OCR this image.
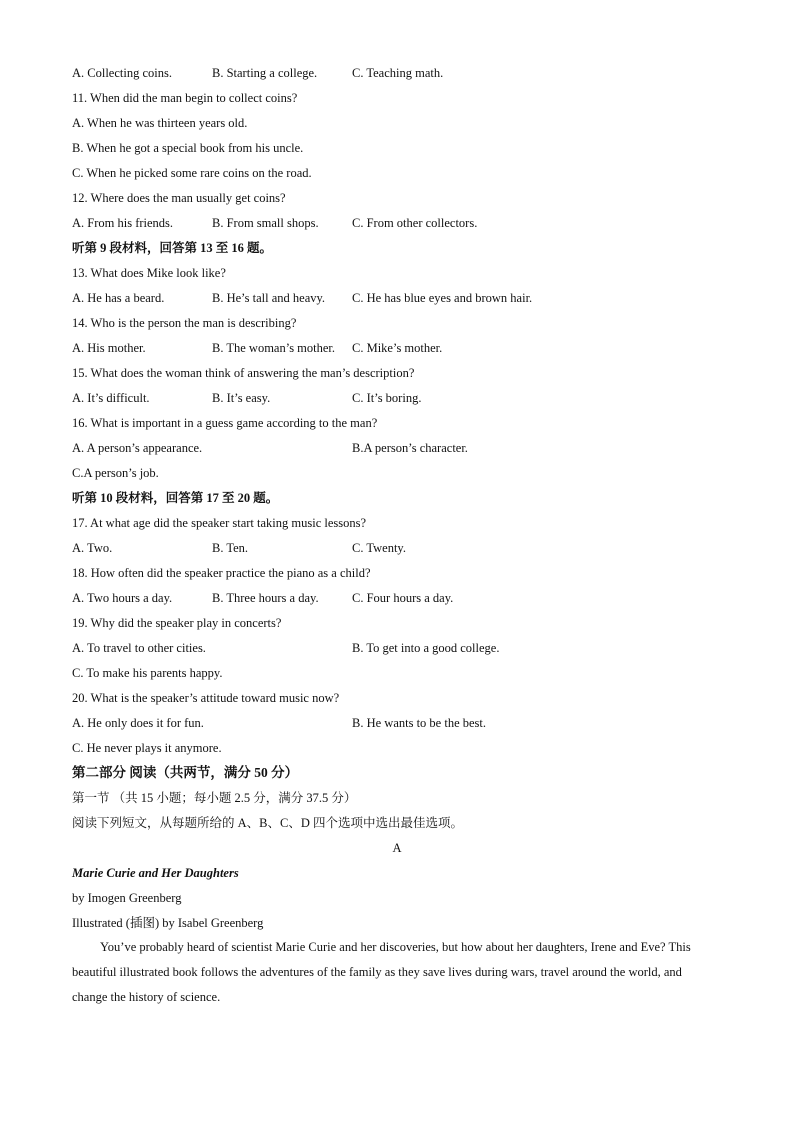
A. Collecting coins.	B. Starting a college.	C. Teaching math.
11. When did the man begin to collect coins?
A. When he was thirteen years old.
B. When he got a special book from his uncle.
C. When he picked some rare coins on the road.
12. Where does the man usually get coins?
A. From his friends.	B. From small shops.	C. From other collectors.
听第 9 段材料，回答第 13 至 16 题。
13. What does Mike look like?
A. He has a beard.	B. He’s tall and heavy. C. He has blue eyes and brown hair.
14. Who is the person the man is describing?
A. His mother.	B. The woman’s mother. C. Mike’s mother.
15. What does the woman think of answering the man’s description?
A. It’s difficult.	B. It’s easy.	C. It’s boring.
16. What is important in a guess game according to the man?
A. A person’s appearance.	B.A person’s character.
C.A person’s job.
听第 10 段材料，回答第 17 至 20 题。
17. At what age did the speaker start taking music lessons?
A. Two.	B. Ten.	C. Twenty.
18. How often did the speaker practice the piano as a child?
A. Two hours a day.	B. Three hours a day.	C. Four hours a day.
19. Why did the speaker play in concerts?
A. To travel to other cities.	B. To get into a good college.
C. To make his parents happy.
20. What is the speaker’s attitude toward music now?
A. He only does it for fun.	B. He wants to be the best.
C. He never plays it anymore.
第二部分 阅读（共两节，满分 50 分）
第一节 （共 15 小题；每小题 2.5 分，满分 37.5 分）
阅读下列短文，从每题所给的 A、B、C、D 四个选项中选出最佳选项。
A
Marie Curie and Her Daughters
by Imogen Greenberg
Illustrated (插图) by Isabel Greenberg
You’ve probably heard of scientist Marie Curie and her discoveries, but how about her daughters, Irene and Eve? This beautiful illustrated book follows the adventures of the family as they save lives during wars, travel around the world, and change the history of science.
